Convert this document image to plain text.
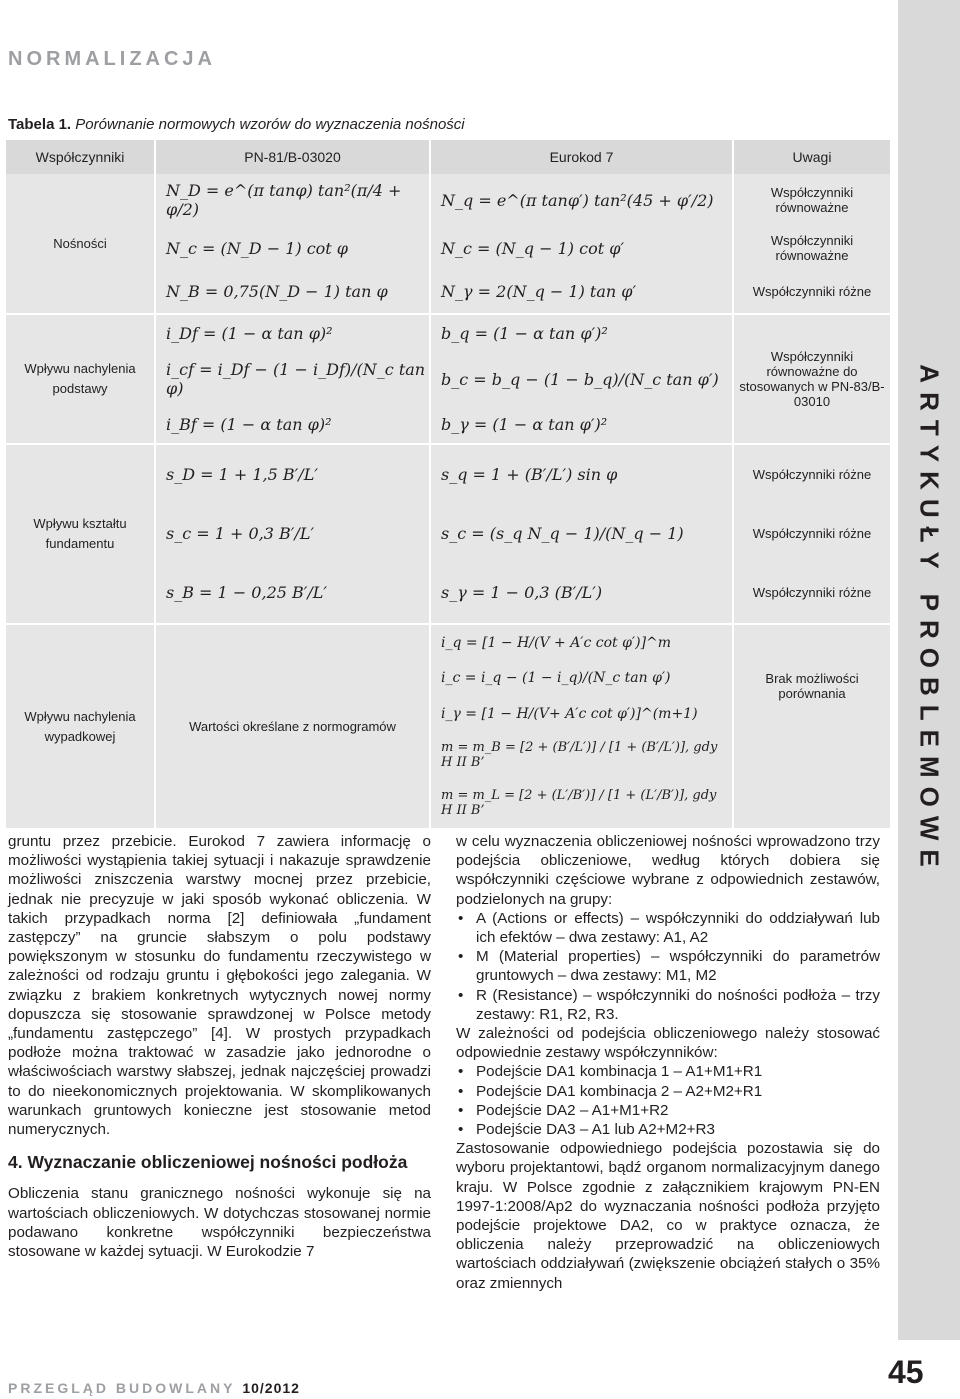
NORMALIZACJA
Tabela 1. Porównanie normowych wzorów do wyznaczenia nośności
Współczynniki	PN-81/B-03020	Eurokod 7	Uwagi
Nośności	N_D = e^(π tanφ) tan²(π/4 + φ/2)	N_q = e^(π tanφ′) tan²(45 + φ′/2)	Współczynniki równoważne
	N_c = (N_D − 1) cot φ	N_c = (N_q − 1) cot φ′	Współczynniki równoważne
	N_B = 0,75(N_D − 1) tan φ	N_γ = 2(N_q − 1) tan φ′	Współczynniki różne
Wpływu nachylenia podstawy	i_Df = (1 − α tan φ)²	b_q = (1 − α tan φ′)²	Współczynniki równoważne do stosowanych w PN-83/B-03010
	i_cf = i_Df − (1 − i_Df)/(N_c tan φ)	b_c = b_q − (1 − b_q)/(N_c tan φ′)	
	i_Bf = (1 − α tan φ)²	b_γ = (1 − α tan φ′)²	
Wpływu kształtu fundamentu	s_D = 1 + 1,5 B′/L′	s_q = 1 + (B′/L′) sin φ	Współczynniki różne
	s_c = 1 + 0,3 B′/L′	s_c = (s_q N_q − 1)/(N_q − 1)	Współczynniki różne
	s_B = 1 − 0,25 B′/L′	s_γ = 1 − 0,3 (B′/L′)	Współczynniki różne
Wpływu nachylenia wypadkowej	Wartości określane z normogramów	i_q = [1 − H/(V + A′c cot φ′)]^m	Brak możliwości porównania
		i_c = i_q − (1 − i_q)/(N_c tan φ′)	
		i_γ = [1 − H/(V+ A′c cot φ′)]^(m+1)	
		m = m_B = [2 + (B′/L′)] / [1 + (B′/L′)], gdy H II B’	
		m = m_L = [2 + (L′/B′)] / [1 + (L′/B′)], gdy H II B’	

gruntu przez przebicie. Eurokod 7 zawiera informację o możliwości wystąpienia takiej sytuacji i nakazuje sprawdzenie możliwości zniszczenia warstwy mocnej przez przebicie, jednak nie precyzuje w jaki sposób wykonać obliczenia. W takich przypadkach norma [2] definiowała „fundament zastępczy” na gruncie słabszym o polu podstawy powiększonym w stosunku do fundamentu rzeczywistego w zależności od rodzaju gruntu i głębokości jego zalegania. W związku z brakiem konkretnych wytycznych nowej normy dopuszcza się stosowanie sprawdzonej w Polsce metody „fundamentu zastępczego” [4]. W prostych przypadkach podłoże można traktować w zasadzie jako jednorodne o właściwościach warstwy słabszej, jednak najczęściej prowadzi to do nieekonomicznych projektowania. W skomplikowanych warunkach gruntowych konieczne jest stosowanie metod numerycznych.

4. Wyznaczanie obliczeniowej nośności podłoża

Obliczenia stanu granicznego nośności wykonuje się na wartościach obliczeniowych. W dotychczas stosowanej normie podawano konkretne współczynniki bezpieczeństwa stosowane w każdej sytuacji. W Eurokodzie 7

w celu wyznaczenia obliczeniowej nośności wprowadzono trzy podejścia obliczeniowe, według których dobiera się współczynniki częściowe wybrane z odpowiednich zestawów, podzielonych na grupy:

• A (Actions or effects) – współczynniki do oddziaływań lub ich efektów – dwa zestawy: A1, A2
• M (Material properties) – współczynniki do parametrów gruntowych – dwa zestawy: M1, M2
• R (Resistance) – współczynniki do nośności podłoża – trzy zestawy: R1, R2, R3.

W zależności od podejścia obliczeniowego należy stosować odpowiednie zestawy współczynników:

• Podejście DA1 kombinacja 1 – A1+M1+R1
• Podejście DA1 kombinacja 2 – A2+M2+R1
• Podejście DA2 – A1+M1+R2
• Podejście DA3 – A1 lub A2+M2+R3

Zastosowanie odpowiedniego podejścia pozostawia się do wyboru projektantowi, bądź organom normalizacyjnym danego kraju. W Polsce zgodnie z załącznikiem krajowym PN-EN 1997-1:2008/Ap2 do wyznaczania nośności podłoża przyjęto podejście projektowe DA2, co w praktyce oznacza, że obliczenia należy przeprowadzić na obliczeniowych wartościach oddziaływań (zwiększenie obciążeń stałych o 35% oraz zmiennych

ARTYKUŁY PROBLEMOWE
PRZEGLĄD BUDOWLANY 10/2012	45
